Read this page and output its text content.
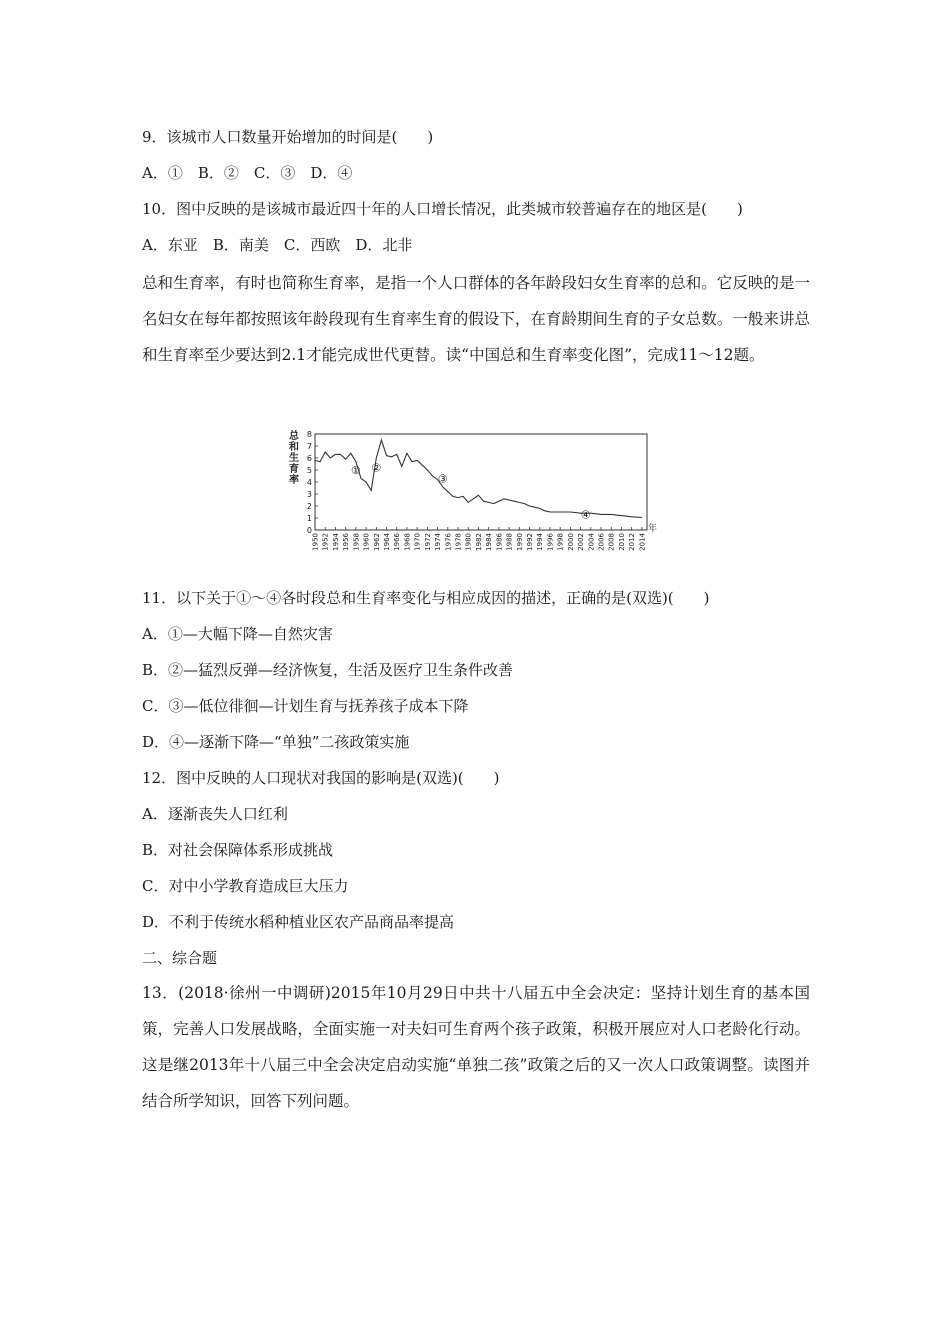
9．该城市人口数量开始增加的时间是(　　)
A．①　B．②　C．③　D．④
10．图中反映的是该城市最近四十年的人口增长情况，此类城市较普遍存在的地区是(　　)
A．东亚　B．南美　C．西欧　D．北非
总和生育率，有时也简称生育率，是指一个人口群体的各年龄段妇女生育率的总和。它反映的是一名妇女在每年都按照该年龄段现有生育率生育的假设下，在育龄期间生育的子女总数。一般来讲总和生育率至少要达到2.1才能完成世代更替。读“中国总和生育率变化图”，完成11～12题。
总
和
生
育
率
0
1
2
3
4
5
6
7
8
1950 1952 1954 1956 1958 1960 1962 1964 1966 1968 1970 1972 1974 1976 1978 1980 1982 1984 1986 1988 1990 1992 1994 1996 1998 2000 2002 2004 2006 2008 2010 2012 2014
年
① ②
③
④
11．以下关于①～④各时段总和生育率变化与相应成因的描述，正确的是(双选)(　　)
A．①—大幅下降—自然灾害
B．②—猛烈反弹—经济恢复，生活及医疗卫生条件改善
C．③—低位徘徊—计划生育与抚养孩子成本下降
D．④—逐渐下降—“单独”二孩政策实施
12．图中反映的人口现状对我国的影响是(双选)(　　)
A．逐渐丧失人口红利
B．对社会保障体系形成挑战
C．对中小学教育造成巨大压力
D．不利于传统水稻种植业区农产品商品率提高
二、综合题
13．(2018·徐州一中调研)2015年10月29日中共十八届五中全会决定：坚持计划生育的基本国策，完善人口发展战略，全面实施一对夫妇可生育两个孩子政策，积极开展应对人口老龄化行动。这是继2013年十八届三中全会决定启动实施“单独二孩”政策之后的又一次人口政策调整。读图并结合所学知识，回答下列问题。
